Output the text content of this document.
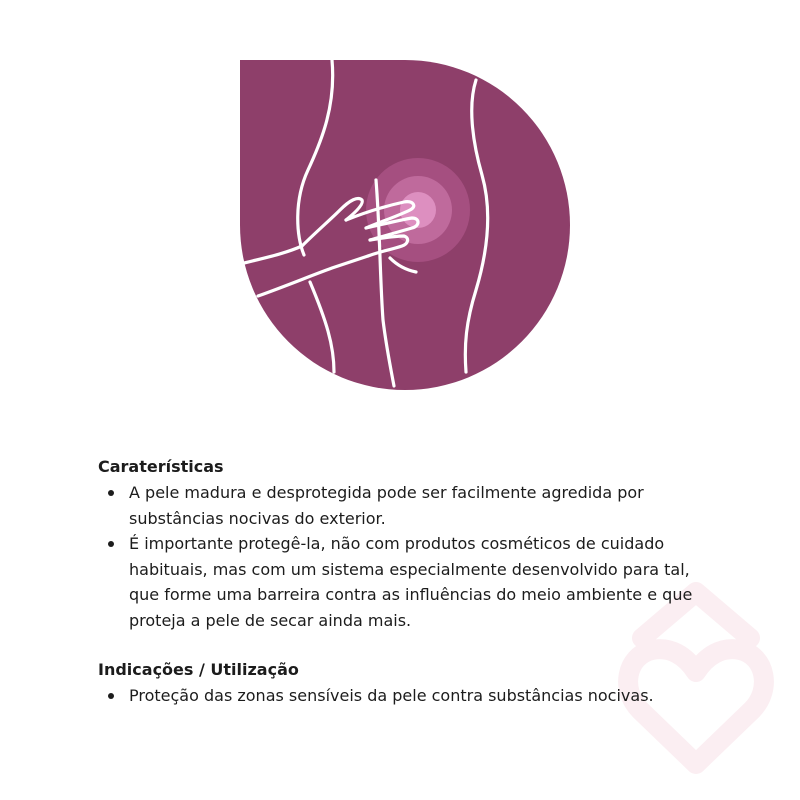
Caraterísticas

A pele madura e desprotegida pode ser facilmente agredida por substâncias nocivas do exterior.
É importante protegê-la, não com produtos cosméticos de cuidado habituais, mas com um sistema especialmente desenvolvido para tal, que forme uma barreira contra as influências do meio ambiente e que proteja a pele de secar ainda mais.

Indicações / Utilização

Proteção das zonas sensíveis da pele contra substâncias nocivas.
